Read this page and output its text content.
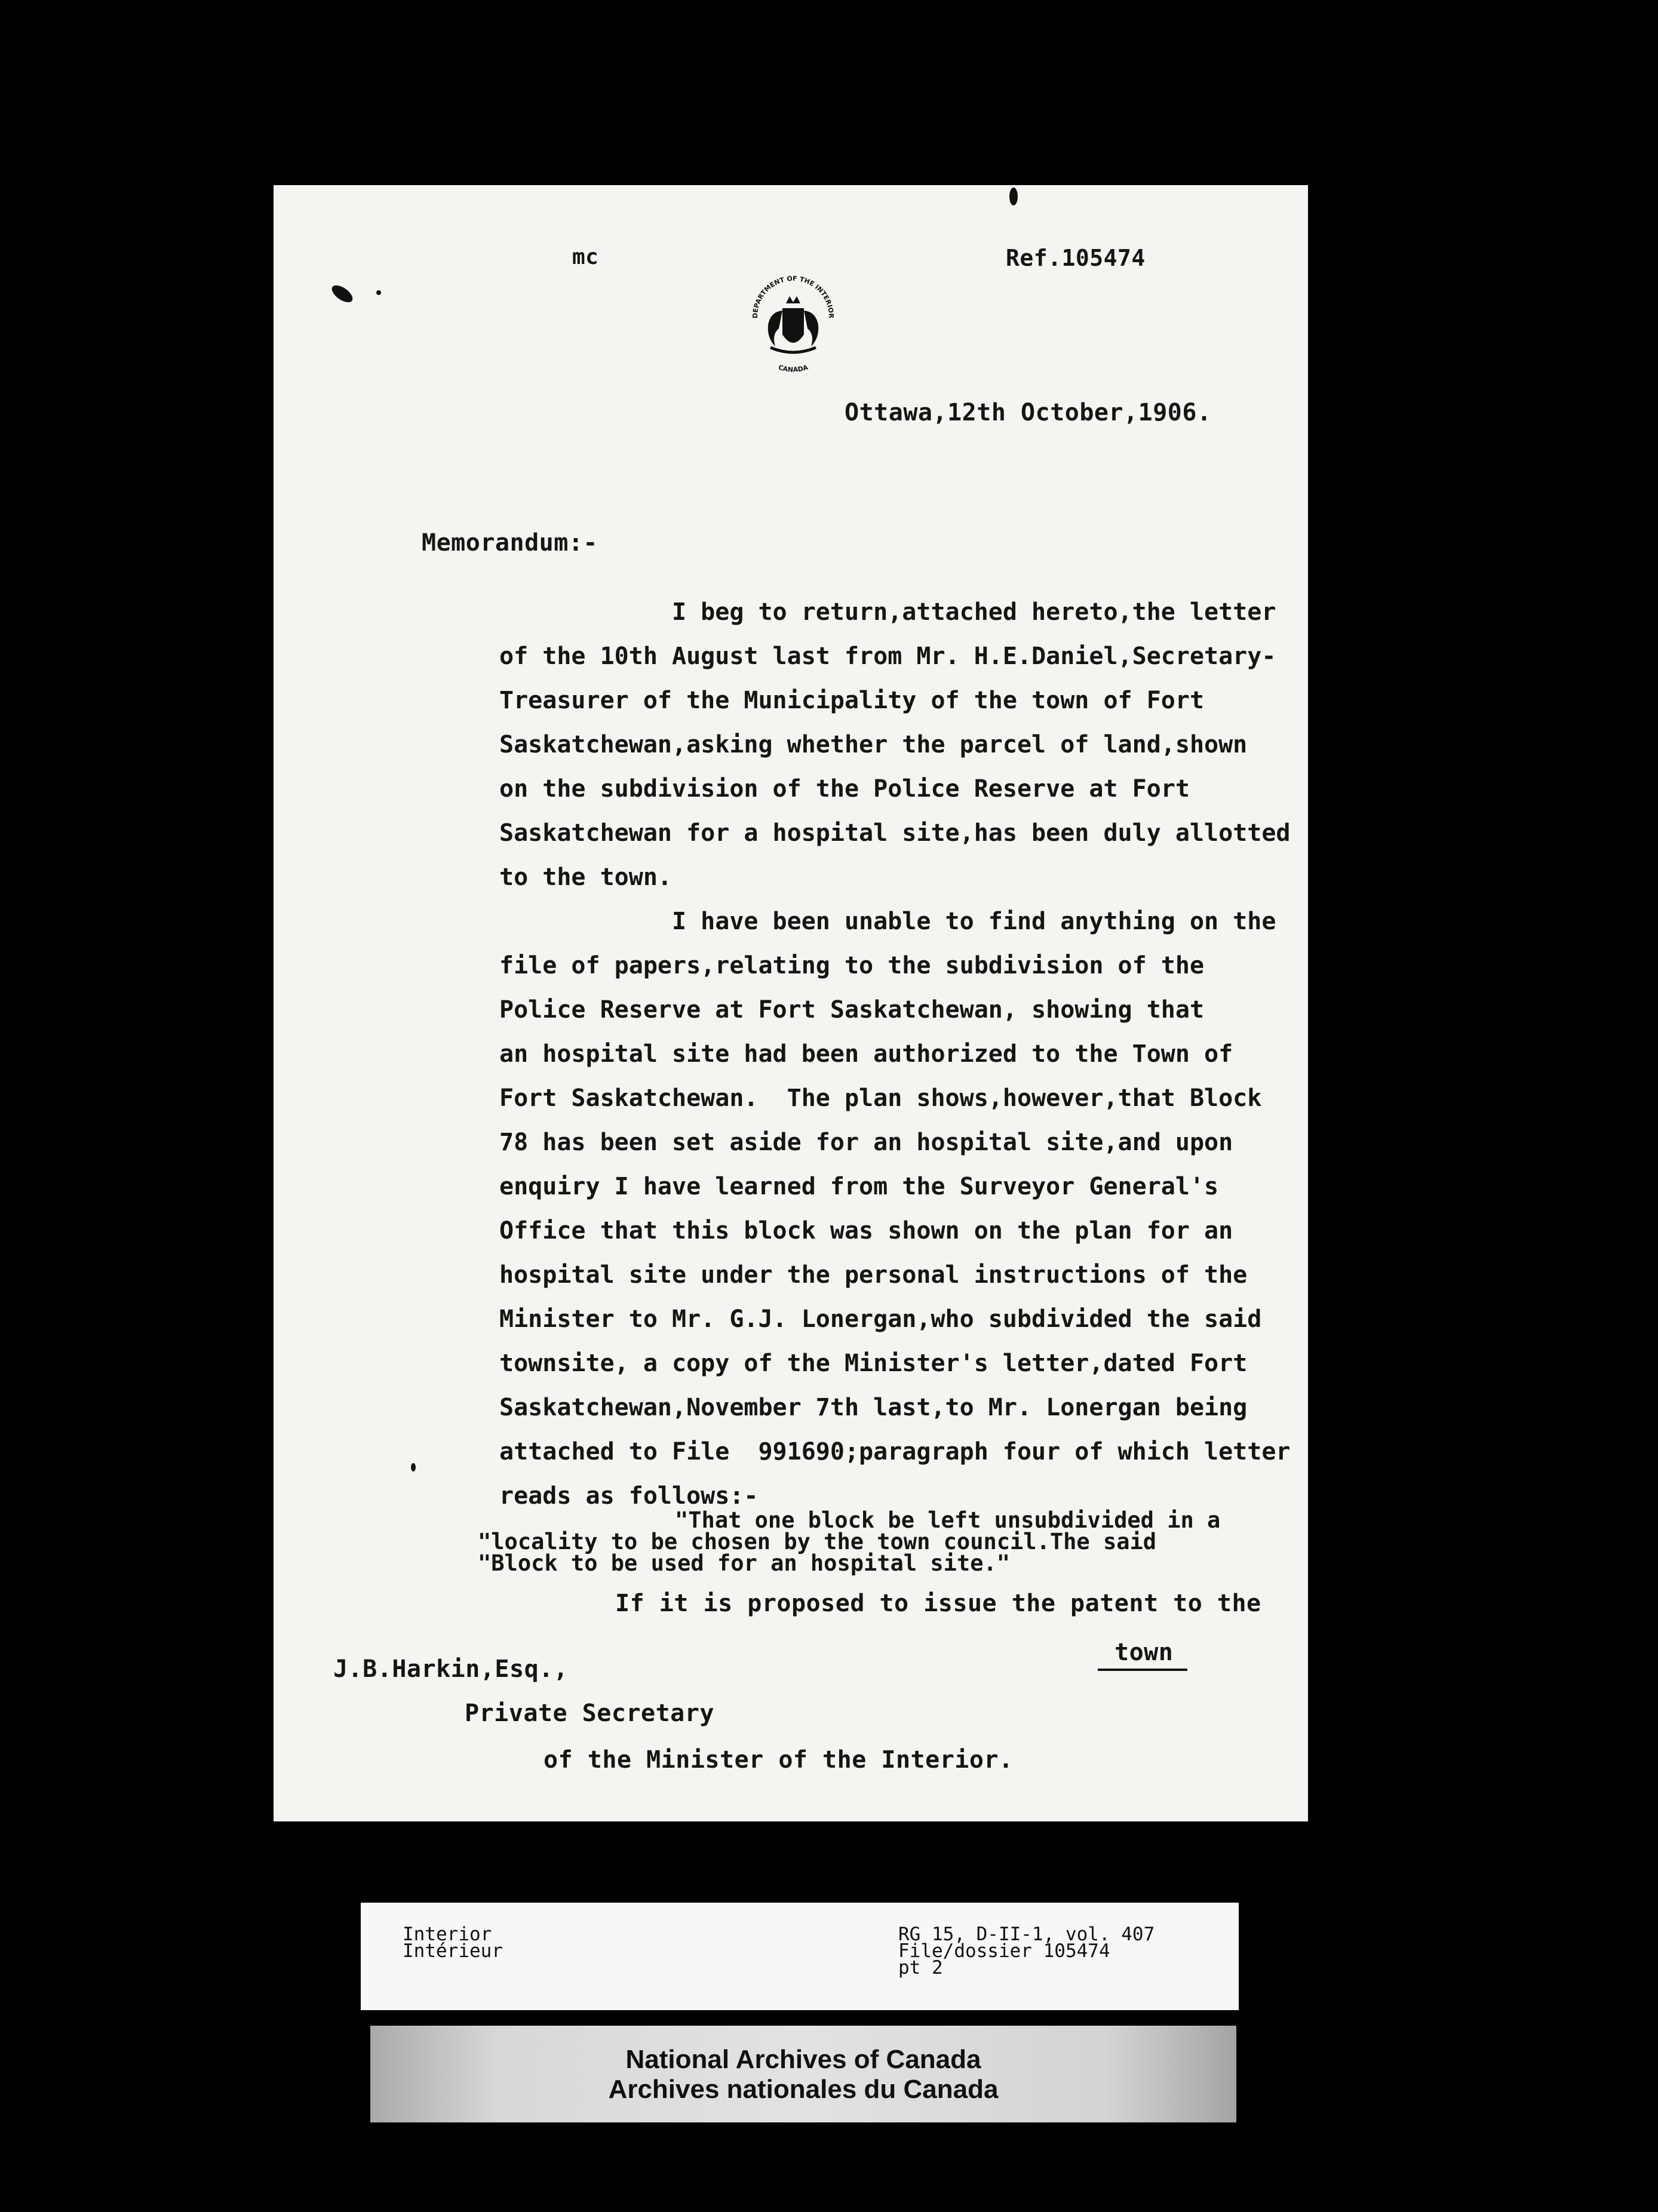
mc	Ref.105474
DEPARTMENT OF THE INTERIOR
CANADA
Ottawa,12th October,1906.
Memorandum:-
I beg to return,attached hereto,the letter
of the 10th August last from Mr. H.E.Daniel,Secretary-
Treasurer of the Municipality of the town of Fort
Saskatchewan,asking whether the parcel of land,shown
on the subdivision of the Police Reserve at Fort
Saskatchewan for a hospital site,has been duly allotted
to the town.
I have been unable to find anything on the
file of papers,relating to the subdivision of the
Police Reserve at Fort Saskatchewan, showing that
an hospital site had been authorized to the Town of
Fort Saskatchewan.  The plan shows,however,that Block
78 has been set aside for an hospital site,and upon
enquiry I have learned from the Surveyor General's
Office that this block was shown on the plan for an
hospital site under the personal instructions of the
Minister to Mr. G.J. Lonergan,who subdivided the said
townsite, a copy of the Minister's letter,dated Fort
Saskatchewan,November 7th last,to Mr. Lonergan being
attached to File  991690;paragraph four of which letter
reads as follows:-
"That one block be left unsubdivided in a
"locality to be chosen by the town council.The said
"Block to be used for an hospital site."
If it is proposed to issue the patent to the
town
J.B.Harkin,Esq.,
Private Secretary
of the Minister of the Interior.
Interior
Intérieur
RG 15, D-II-1, vol. 407
File/dossier 105474
pt 2
National Archives of Canada
Archives nationales du Canada
